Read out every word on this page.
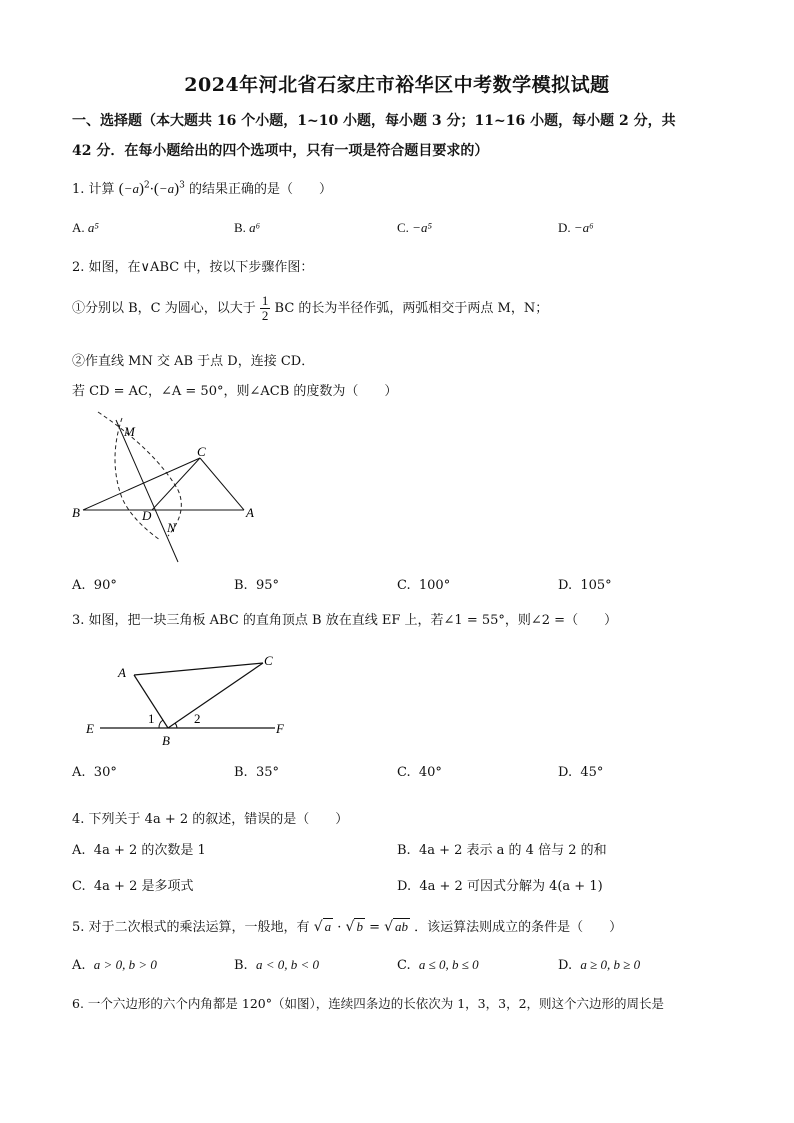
2024年河北省石家庄市裕华区中考数学模拟试题
一、选择题（本大题共 16 个小题，1~10 小题，每小题 3 分；11~16 小题，每小题 2 分，共
42 分．在每小题给出的四个选项中，只有一项是符合题目要求的）
1. 计算 $(-a)^2\cdot(-a)^3$ 的结果正确的是（　　）
A. a⁵	B. a⁶	C. −a⁵	D. −a⁶
2. 如图，在∨ABC 中，按以下步骤作图：
①分别以 B，C 为圆心，以大于 $\frac{1}{2}$ BC 的长为半径作弧，两弧相交于两点 M，N；
②作直线 MN 交 AB 于点 D，连接 CD．
若 CD = AC，∠A = 50°，则∠ACB 的度数为（　　）
M
C
B	D
N
A
A. 90°	B. 95°	C. 100°	D. 105°
3. 如图，把一块三角板 ABC 的直角顶点 B 放在直线 EF 上，若∠1 = 55°，则∠2 =（　　）
A
C
E
B
F
1	2
A. 30°	B. 35°	C. 40°	D. 45°
4. 下列关于 4a + 2 的叙述，错误的是（　　）
A. 4a + 2 的次数是 1	B. 4a + 2 表示 a 的 4 倍与 2 的和
C. 4a + 2 是多项式	D. 4a + 2 可因式分解为 4(a + 1)
5. 对于二次根式的乘法运算，一般地，有 √ a · √ b = √ ab ．该运算法则成立的条件是（　　）
A. a > 0, b > 0	B. a < 0, b < 0	C. a ≤ 0, b ≤ 0	D. a ≥ 0, b ≥ 0
6. 一个六边形的六个内角都是 120°（如图），连续四条边的长依次为 1，3，3，2，则这个六边形的周长是
